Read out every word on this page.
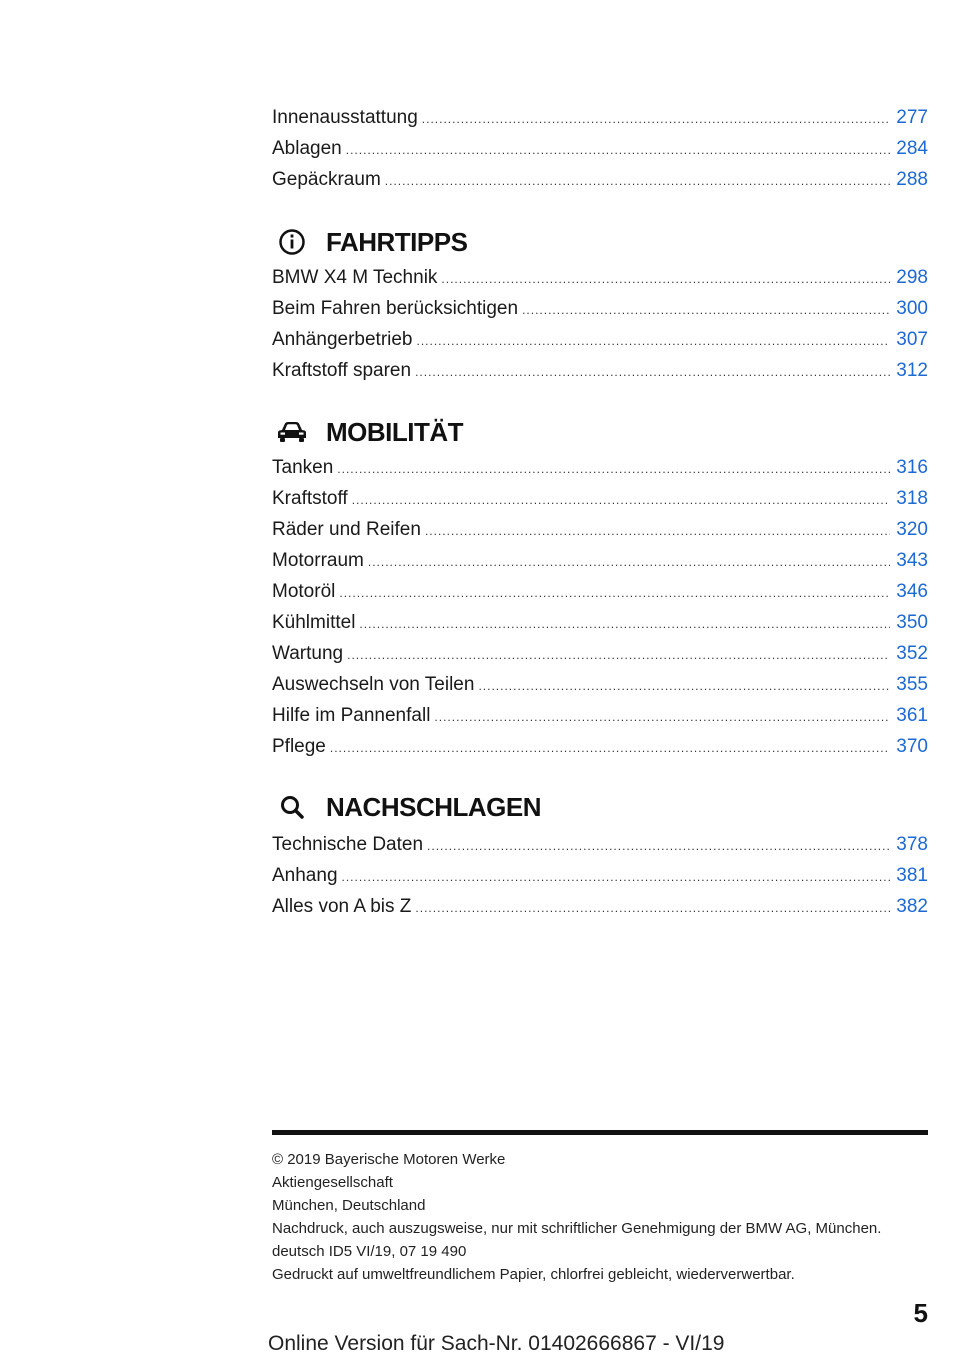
Innenausstattung .....	277
Ablagen .....	284
Gepäckraum .....	288
FAHRTIPPS
BMW X4 M Technik .....	298
Beim Fahren berücksichtigen .....	300
Anhängerbetrieb .....	307
Kraftstoff sparen .....	312
MOBILITÄT
Tanken .....	316
Kraftstoff .....	318
Räder und Reifen .....	320
Motorraum .....	343
Motoröl .....	346
Kühlmittel .....	350
Wartung .....	352
Auswechseln von Teilen .....	355
Hilfe im Pannenfall .....	361
Pflege .....	370
NACHSCHLAGEN
Technische Daten .....	378
Anhang .....	381
Alles von A bis Z .....	382
© 2019 Bayerische Motoren Werke
Aktiengesellschaft
München, Deutschland
Nachdruck, auch auszugsweise, nur mit schriftlicher Genehmigung der BMW AG, München.
deutsch ID5 VI/19, 07 19 490
Gedruckt auf umweltfreundlichem Papier, chlorfrei gebleicht, wiederverwertbar.
5
Online Version für Sach-Nr. 01402666867 - VI/19
